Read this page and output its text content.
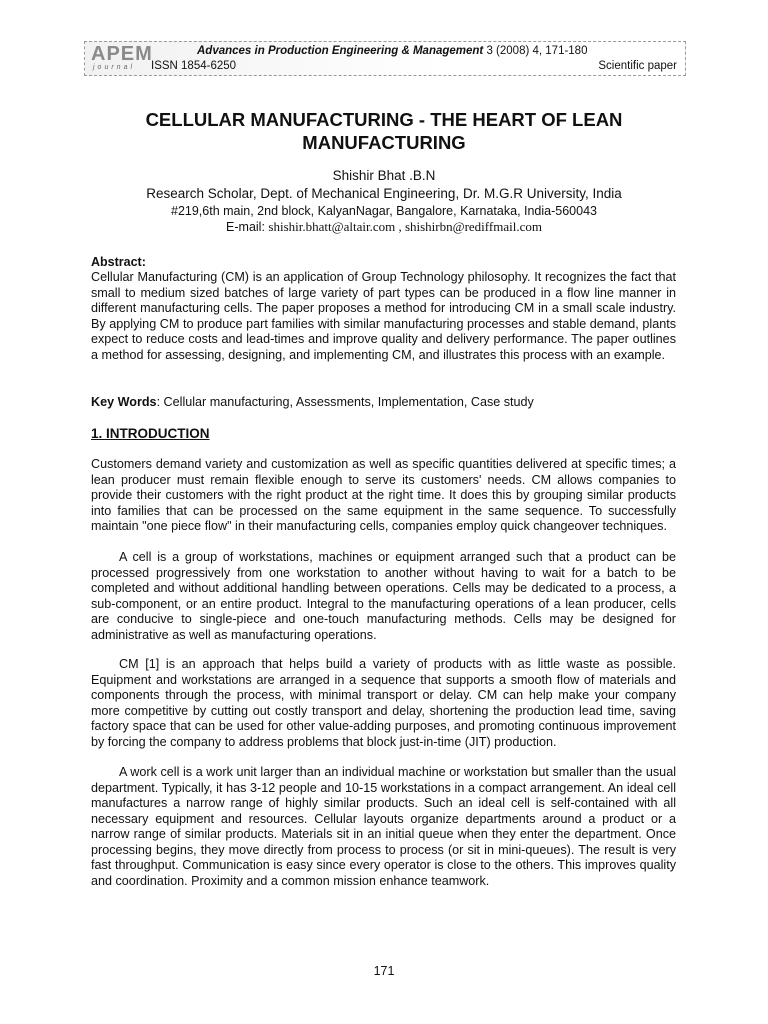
APEM
journal
Advances in Production Engineering & Management 3 (2008) 4, 171-180
ISSN 1854-6250	Scientific paper
CELLULAR MANUFACTURING - THE HEART OF LEAN MANUFACTURING
Shishir Bhat .B.N
Research Scholar, Dept. of Mechanical Engineering, Dr. M.G.R University, India
#219,6th main, 2nd block, KalyanNagar, Bangalore, Karnataka, India-560043
E-mail: shishir.bhatt@altair.com , shishirbn@rediffmail.com
Abstract:
Cellular Manufacturing (CM) is an application of Group Technology philosophy. It recognizes the fact that small to medium sized batches of large variety of part types can be produced in a flow line manner in different manufacturing cells. The paper proposes a method for introducing CM in a small scale industry. By applying CM to produce part families with similar manufacturing processes and stable demand, plants expect to reduce costs and lead-times and improve quality and delivery performance. The paper outlines a method for assessing, designing, and implementing CM, and illustrates this process with an example.
Key Words: Cellular manufacturing, Assessments, Implementation, Case study
1. INTRODUCTION
Customers demand variety and customization as well as specific quantities delivered at specific times; a lean producer must remain flexible enough to serve its customers' needs. CM allows companies to provide their customers with the right product at the right time. It does this by grouping similar products into families that can be processed on the same equipment in the same sequence. To successfully maintain "one piece flow" in their manufacturing cells, companies employ quick changeover techniques.
A cell is a group of workstations, machines or equipment arranged such that a product can be processed progressively from one workstation to another without having to wait for a batch to be completed and without additional handling between operations. Cells may be dedicated to a process, a sub-component, or an entire product. Integral to the manufacturing operations of a lean producer, cells are conducive to single-piece and one-touch manufacturing methods. Cells may be designed for administrative as well as manufacturing operations.
CM [1] is an approach that helps build a variety of products with as little waste as possible. Equipment and workstations are arranged in a sequence that supports a smooth flow of materials and components through the process, with minimal transport or delay. CM can help make your company more competitive by cutting out costly transport and delay, shortening the production lead time, saving factory space that can be used for other value-adding purposes, and promoting continuous improvement by forcing the company to address problems that block just-in-time (JIT) production.
A work cell is a work unit larger than an individual machine or workstation but smaller than the usual department. Typically, it has 3-12 people and 10-15 workstations in a compact arrangement. An ideal cell manufactures a narrow range of highly similar products. Such an ideal cell is self-contained with all necessary equipment and resources. Cellular layouts organize departments around a product or a narrow range of similar products. Materials sit in an initial queue when they enter the department. Once processing begins, they move directly from process to process (or sit in mini-queues). The result is very fast throughput. Communication is easy since every operator is close to the others. This improves quality and coordination. Proximity and a common mission enhance teamwork.
171
